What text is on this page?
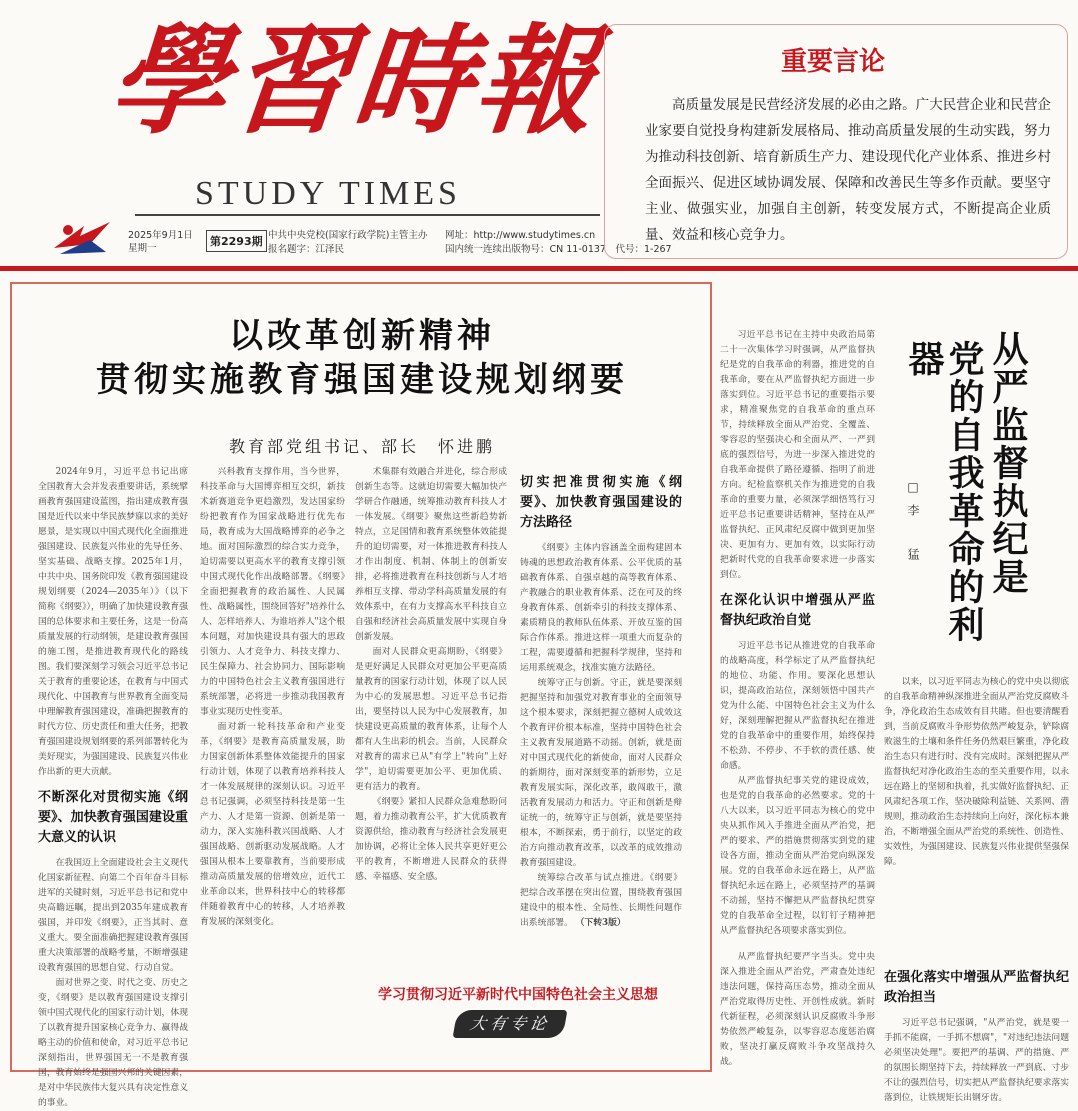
學習時報
STUDY TIMES
2025年9月1日
星期一
第2293期 中共中央党校(国家行政学院)主管主办
报名题字：江泽民
网址：http://www.studytimes.cn
国内统一连续出版物号：CN 11-0137　 代号：1-267
重要言论
高质量发展是民营经济发展的必由之路。广大民营企业和民营企业家要自觉投身构建新发展格局、推动高质量发展的生动实践，努力为推动科技创新、培育新质生产力、建设现代化产业体系、推进乡村全面振兴、促进区域协调发展、保障和改善民生等多作贡献。要坚守主业、做强实业，加强自主创新，转变发展方式，不断提高企业质量、效益和核心竞争力。
以改革创新精神
贯彻实施教育强国建设规划纲要
教育部党组书记、部长　怀进鹏

2024年9月，习近平总书记出席全国教育大会并发表重要讲话，系统擘画教育强国建设蓝图，指出建成教育强国是近代以来中华民族梦寐以求的美好愿景，是实现以中国式现代化全面推进强国建设、民族复兴伟业的先导任务、坚实基础、战略支撑。2025年1月，中共中央、国务院印发《教育强国建设规划纲要（2024—2035年）》（以下简称《纲要》），明确了加快建设教育强国的总体要求和主要任务，这是一份高质量发展的行动纲领，是建设教育强国的施工图，是推进教育现代化的路线图。我们要深刻学习领会习近平总书记关于教育的重要论述，在教育与中国式现代化、中国教育与世界教育全面变局中理解教育强国建设，准确把握教育的时代方位、历史责任和重大任务，把教育强国建设规划纲要的系列部署转化为美好现实，为强国建设、民族复兴伟业作出新的更大贡献。

不断深化对贯彻实施《纲要》、加快教育强国建设重大意义的认识

在我国迈上全面建设社会主义现代化国家新征程、向第二个百年奋斗目标进军的关键时刻，习近平总书记和党中央高瞻远瞩，提出到2035年建成教育强国，并印发《纲要》，正当其时、意义重大。要全面准确把握建设教育强国重大决策部署的战略考量，不断增强建设教育强国的思想自觉、行动自觉。

面对世界之变、时代之变、历史之变，《纲要》是以教育强国建设支撑引领中国式现代化的国家行动计划，体现了以教育提升国家核心竞争力、赢得战略主动的价值和使命，对习近平总书记深刻指出，世界强国无一不是教育强国，教育始终是强国兴邦的关键因素，是对中华民族伟大复兴具有决定性意义的事业。

兴科教育支撑作用，当今世界，科技革命与大国博弈相互交织，新技术新赛道竞争更趋激烈，发达国家纷纷把教育作为国家战略进行优先布局，教育成为大国战略博弈的必争之地。面对国际激烈的综合实力竞争，迫切需要以更高水平的教育支撑引领中国式现代化作出战略部署。《纲要》全面把握教育的政治属性、人民属性、战略属性，围绕回答好"培养什么人、怎样培养人、为谁培养人"这个根本问题，对加快建设具有强大的思政引领力、人才竞争力、科技支撑力、民生保障力、社会协同力、国际影响力的中国特色社会主义教育强国进行系统部署，必将进一步推动我国教育事业实现历史性变革。

面对新一轮科技革命和产业变革，《纲要》是教育高质量发展，助力国家创新体系整体效能提升的国家行动计划，体现了以教育培养科技人才一体发展规律的深刻认识。习近平总书记强调，必须坚持科技是第一生产力、人才是第一资源、创新是第一动力，深入实施科教兴国战略、人才强国战略、创新驱动发展战略。人才强国从根本上要靠教育，当前要形成推动高质量发展的倍增效应，近代工业革命以来，世界科技中心的转移都伴随着教育中心的转移，人才培养教育发展的深刻变化。

术集群有效融合并进化，综合形成创新生态等。这就迫切需要大幅加快产学研合作融通，统筹推动教育科技人才一体发展。《纲要》聚焦这些新趋势新特点，立足国情和教育系统整体效能提升的迫切需要，对一体推进教育科技人才作出制度、机制、体制上的创新安排，必将推进教育在科技创新与人才培养相互支撑、带动学科高质量发展的有效体系中，在有力支撑高水平科技自立自强和经济社会高质量发展中实现自身创新发展。

面对人民群众更高期盼，《纲要》是更好满足人民群众对更加公平更高质量教育的国家行动计划，体现了以人民为中心的发展思想。习近平总书记指出，要坚持以人民为中心发展教育，加快建设更高质量的教育体系，让每个人都有人生出彩的机会。当前，人民群众对教育的需求已从"有学上"转向"上好学"，迫切需要更加公平、更加优质、更有活力的教育。

《纲要》紧扣人民群众急难愁盼问题，着力推动教育公平，扩大优质教育资源供给，推动教育与经济社会发展更加协调，必将让全体人民共享更好更公平的教育，不断增进人民群众的获得感、幸福感、安全感。

切实把准贯彻实施《纲要》、加快教育强国建设的方法路径

《纲要》主体内容涵盖全面构建固本铸魂的思想政治教育体系、公平优质的基础教育体系、自强卓越的高等教育体系、产教融合的职业教育体系、泛在可及的终身教育体系、创新牵引的科技支撑体系、素质精良的教师队伍体系、开放互鉴的国际合作体系。推进这样一项重大而复杂的工程，需要遵循和把握科学规律，坚持和运用系统观念，找准实施方法路径。

统筹守正与创新。守正，就是要深刻把握坚持和加强党对教育事业的全面领导这个根本要求，深刻把握立德树人成效这个教育评价根本标准，坚持中国特色社会主义教育发展道路不动摇。创新，就是面对中国式现代化的新使命，面对人民群众的新期待，面对深刻变革的新形势，立足教育发展实际，深化改革，敢闯敢干，激活教育发展动力和活力。守正和创新是辩证统一的，统筹守正与创新，就是要坚持根本，不断探索，勇于前行，以坚定的政治方向推动教育改革，以改革的成效推动教育强国建设。

统筹综合改革与试点推进。《纲要》把综合改革摆在突出位置，围绕教育强国建设中的根本性、全局性、长期性问题作出系统部署。 （下转3版）

学习贯彻习近平新时代中国特色社会主义思想
大有专论
从严监督执纪是
党的自我革命的利器
□李　猛

习近平总书记在主持中央政治局第二十一次集体学习时强调，从严监督执纪是党的自我革命的利器，推进党的自我革命，要在从严监督执纪方面进一步落实到位。习近平总书记的重要指示要求，精准聚焦党的自我革命的重点环节，持续释放全面从严治党、全覆盖、零容忍的坚强决心和全面从严、一严到底的强烈信号，为进一步深入推进党的自我革命提供了路径遵循、指明了前进方向。纪检监察机关作为推进党的自我革命的重要力量，必须深学细悟笃行习近平总书记重要讲话精神，坚持在从严监督执纪、正风肃纪反腐中做到更加坚决、更加有力、更加有效，以实际行动把新时代党的自我革命要求进一步落实到位。

在深化认识中增强从严监督执纪政治自觉

习近平总书记从推进党的自我革命的战略高度，科学标定了从严监督执纪的地位、功能、作用。要深化思想认识，提高政治站位，深刻领悟中国共产党为什么能、中国特色社会主义为什么好，深刻理解把握从严监督执纪在推进党的自我革命中的重要作用，始终保持不松劲、不停步、不手软的责任感、使命感。

从严监督执纪事关党的建设成效，也是党的自我革命的必然要求。党的十八大以来，以习近平同志为核心的党中央从抓作风入手推进全面从严治党，把严的要求、严的措施贯彻落实到党的建设各方面，推动全面从严治党向纵深发展。党的自我革命永远在路上，从严监督执纪永远在路上，必须坚持严的基调不动摇，坚持不懈把从严监督执纪贯穿党的自我革命全过程，以钉钉子精神把从严监督执纪各项要求落实到位。

从严监督执纪要严字当头。党中央深入推进全面从严治党，严肃查处违纪违法问题，保持高压态势，推动全面从严治党取得历史性、开创性成就。新时代新征程，必须深刻认识反腐败斗争形势依然严峻复杂，以零容忍态度惩治腐败，坚决打赢反腐败斗争攻坚战持久战。

以来，以习近平同志为核心的党中央以彻底的自我革命精神纵深推进全面从严治党反腐败斗争，净化政治生态成效有目共睹。但也要清醒看到，当前反腐败斗争形势依然严峻复杂，铲除腐败滋生的土壤和条件任务仍然艰巨繁重，净化政治生态只有进行时、没有完成时。深刻把握从严监督执纪对净化政治生态的至关重要作用，以永远在路上的坚韧和执着，扎实做好监督执纪、正风肃纪各项工作，坚决破除利益链、关系网、潜规则，推动政治生态持续向上向好，深化标本兼治，不断增强全面从严治党的系统性、创造性、实效性，为强国建设、民族复兴伟业提供坚强保障。

在强化落实中增强从严监督执纪政治担当

习近平总书记强调，"从严治党，就是要一手抓不能腐，一手抓不想腐"，"对违纪违法问题必须坚决处理"。要把严的基调、严的措施、严的氛围长期坚持下去，持续释放一严到底、寸步不让的强烈信号，切实把从严监督执纪要求落实落到位，让铁规矩长出钢牙齿。
